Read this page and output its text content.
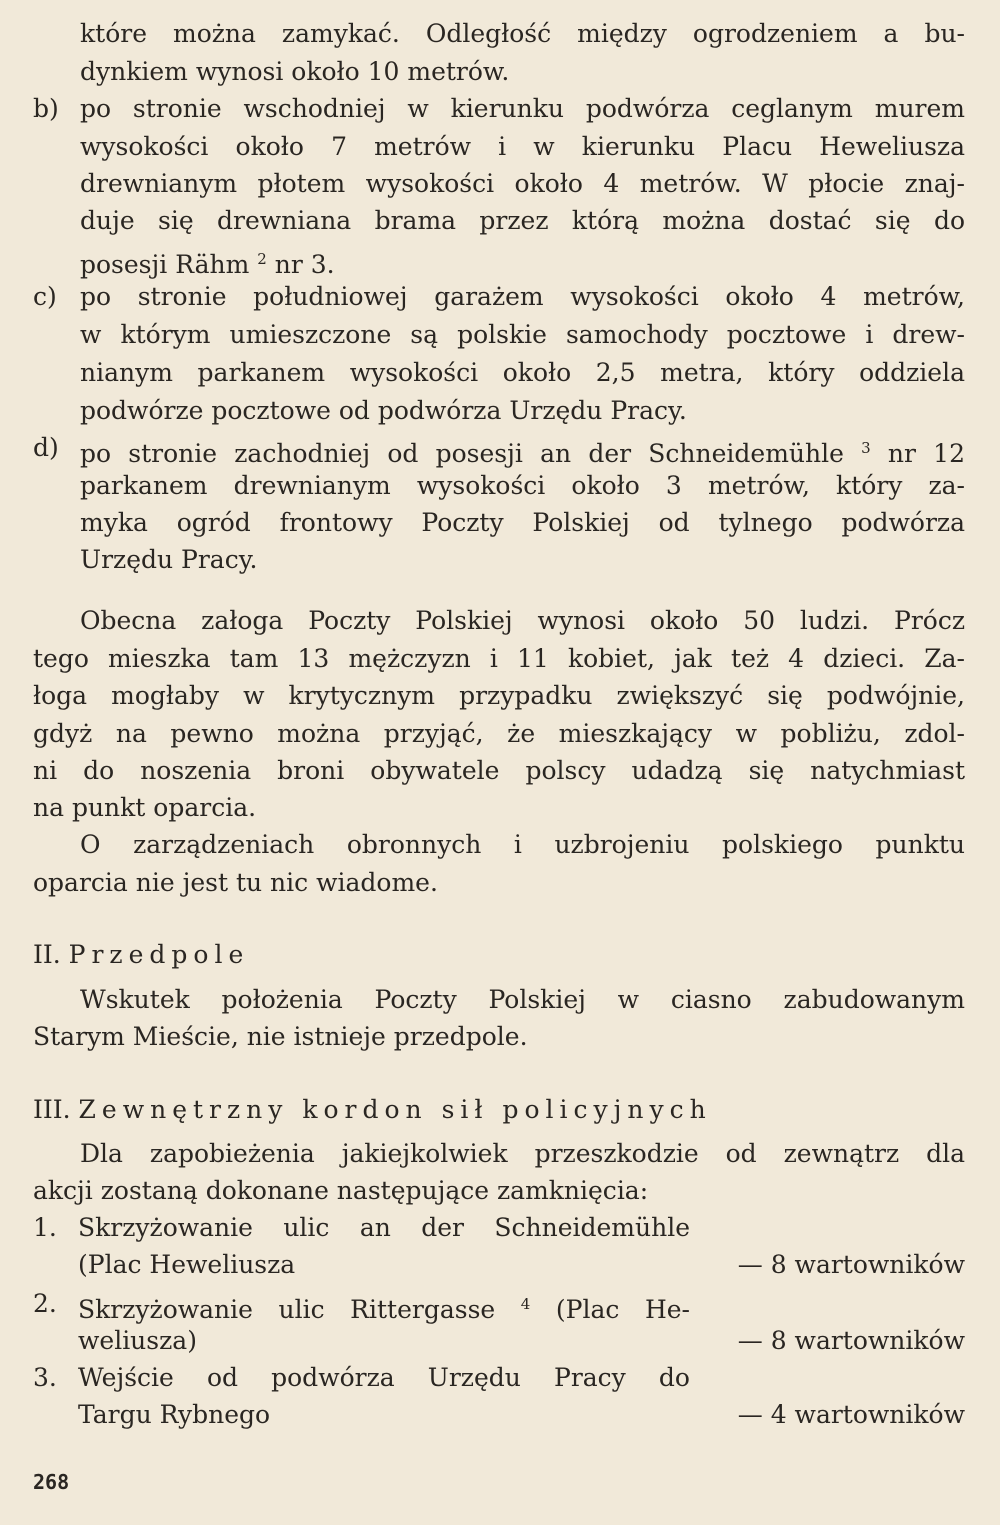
które można zamykać. Odległość między ogrodzeniem a bu-
dynkiem wynosi około 10 metrów.
b) po stronie wschodniej w kierunku podwórza ceglanym murem
wysokości około 7 metrów i w kierunku Placu Heweliusza
drewnianym płotem wysokości około 4 metrów. W płocie znaj-
duje się drewniana brama przez którą można dostać się do
posesji Rähm $^2$ nr 3.
c) po stronie południowej garażem wysokości około 4 metrów,
w którym umieszczone są polskie samochody pocztowe i drew-
nianym parkanem wysokości około 2,5 metra, który oddziela
podwórze pocztowe od podwórza Urzędu Pracy.
d) po stronie zachodniej od posesji an der Schneidemühle $^3$ nr 12
parkanem drewnianym wysokości około 3 metrów, który za-
myka ogród frontowy Poczty Polskiej od tylnego podwórza
Urzędu Pracy.
Obecna załoga Poczty Polskiej wynosi około 50 ludzi. Prócz
tego mieszka tam 13 mężczyzn i 11 kobiet, jak też 4 dzieci. Za-
łoga mogłaby w krytycznym przypadku zwiększyć się podwójnie,
gdyż na pewno można przyjąć, że mieszkający w pobliżu, zdol-
ni do noszenia broni obywatele polscy udadzą się natychmiast
na punkt oparcia.
O zarządzeniach obronnych i uzbrojeniu polskiego punktu
oparcia nie jest tu nic wiadome.
II. Przedpole
Wskutek położenia Poczty Polskiej w ciasno zabudowanym
Starym Mieście, nie istnieje przedpole.
III. Zewnętrzny kordon sił policyjnych
Dla zapobieżenia jakiejkolwiek przeszkodzie od zewnątrz dla
akcji zostaną dokonane następujące zamknięcia:
1. Skrzyżowanie ulic an der Schneidemühle
(Plac Heweliusza	— 8 wartowników
2. Skrzyżowanie ulic Rittergasse $^4$ (Plac He-
weliusza)	— 8 wartowników
3. Wejście od podwórza Urzędu Pracy do
Targu Rybnego	— 4 wartowników
268
